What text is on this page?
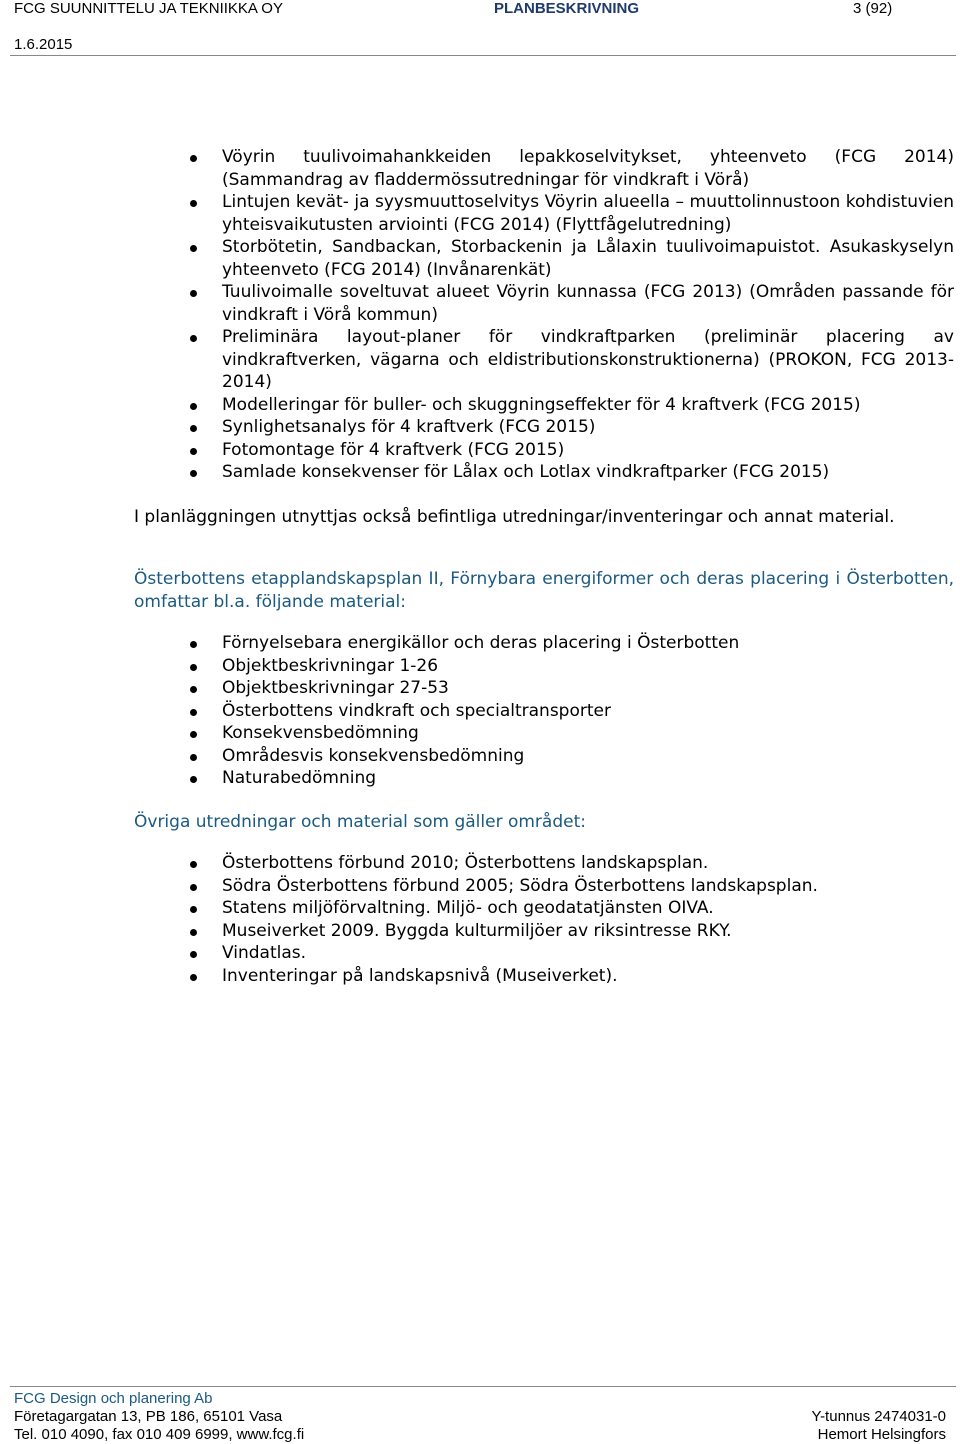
FCG SUUNNITTELU JA TEKNIIKKA OY	PLANBESKRIVNING	3 (92)
1.6.2015
Vöyrin tuulivoimahankkeiden lepakkoselvitykset, yhteenveto (FCG 2014) (Sammandrag av fladdermössutredningar för vindkraft i Vörå)
Lintujen kevät- ja syysmuuttoselvitys Vöyrin alueella – muuttolinnustoon kohdistuvien yhteisvaikutusten arviointi (FCG 2014) (Flyttfågelutredning)
Storbötetin, Sandbackan, Storbackenin ja Lålaxin tuulivoimapuistot. Asukaskyselyn yhteenveto (FCG 2014) (Invånarenkät)
Tuulivoimalle soveltuvat alueet Vöyrin kunnassa (FCG 2013) (Områden passande för vindkraft i Vörå kommun)
Preliminära layout-planer för vindkraftparken (preliminär placering av vindkraftverken, vägarna och eldistributionskonstruktionerna) (PROKON, FCG 2013- 2014)
Modelleringar för buller- och skuggningseffekter för 4 kraftverk (FCG 2015)
Synlighetsanalys för 4 kraftverk (FCG 2015)
Fotomontage för 4 kraftverk (FCG 2015)
Samlade konsekvenser för Lålax och Lotlax vindkraftparker (FCG 2015)
I planläggningen utnyttjas också befintliga utredningar/inventeringar och annat material.
Österbottens etapplandskapsplan II, Förnybara energiformer och deras placering i Österbotten, omfattar bl.a. följande material:
Förnyelsebara energikällor och deras placering i Österbotten
Objektbeskrivningar 1-26
Objektbeskrivningar 27-53
Österbottens vindkraft och specialtransporter
Konsekvensbedömning
Områdesvis konsekvensbedömning
Naturabedömning
Övriga utredningar och material som gäller området:
Österbottens förbund 2010; Österbottens landskapsplan.
Södra Österbottens förbund 2005; Södra Österbottens landskapsplan.
Statens miljöförvaltning. Miljö- och geodatatjänsten OIVA.
Museiverket 2009. Byggda kulturmiljöer av riksintresse RKY.
Vindatlas.
Inventeringar på landskapsnivå (Museiverket).
FCG Design och planering Ab
Företagargatan 13, PB 186, 65101 Vasa
Tel. 010 4090, fax 010 409 6999, www.fcg.fi
Y-tunnus 2474031-0
Hemort Helsingfors
